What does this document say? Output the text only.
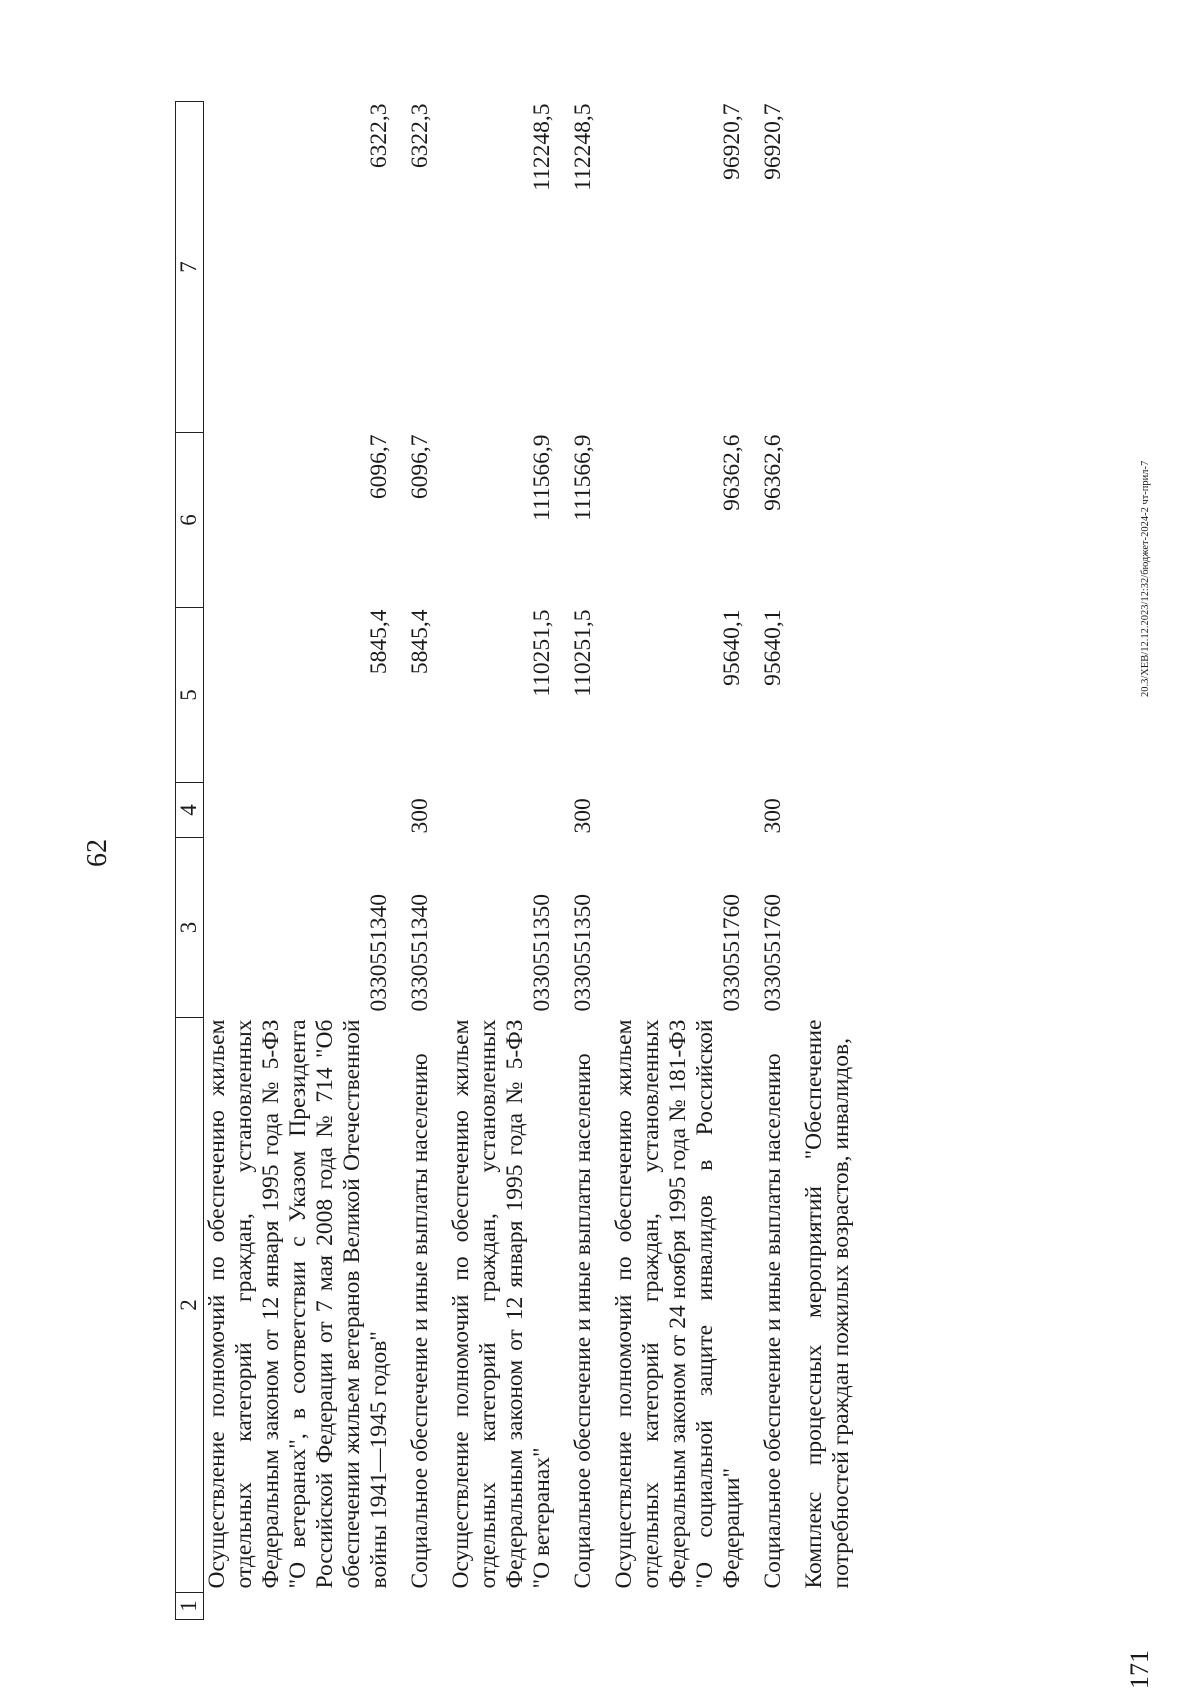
62
1	2	3	4	5	6	7
	Осуществление полномочий по обеспечению жильем отдельных категорий граждан, установленных Федеральным законом от 12 января 1995 года № 5-ФЗ "О ветеранах", в соответствии с Указом Президента Российской Федерации от 7 мая 2008 года № 714 "Об обеспечении жильем ветеранов Великой Отечественной войны 1941—1945 годов"	0330551340		5845,4	6096,7	6322,3
	Социальное обеспечение и иные выплаты населению	0330551340	300	5845,4	6096,7	6322,3
	Осуществление полномочий по обеспечению жильем отдельных категорий граждан, установленных Федеральным законом от 12 января 1995 года № 5-ФЗ "О ветеранах"	0330551350		110251,5	111566,9	112248,5
	Социальное обеспечение и иные выплаты населению	0330551350	300	110251,5	111566,9	112248,5
	Осуществление полномочий по обеспечению жильем отдельных категорий граждан, установленных Федеральным законом от 24 ноября 1995 года № 181-ФЗ "О социальной защите инвалидов в Российской Федерации"	0330551760		95640,1	96362,6	96920,7
	Социальное обеспечение и иные выплаты населению	0330551760	300	95640,1	96362,6	96920,7
	Комплекс процессных мероприятий "Обеспечение потребностей граждан пожилых возрастов, инвалидов,					
20.3/ХЕВ/12.12.2023/12:32/бюджет-2024-2 чт-прил-7
171
